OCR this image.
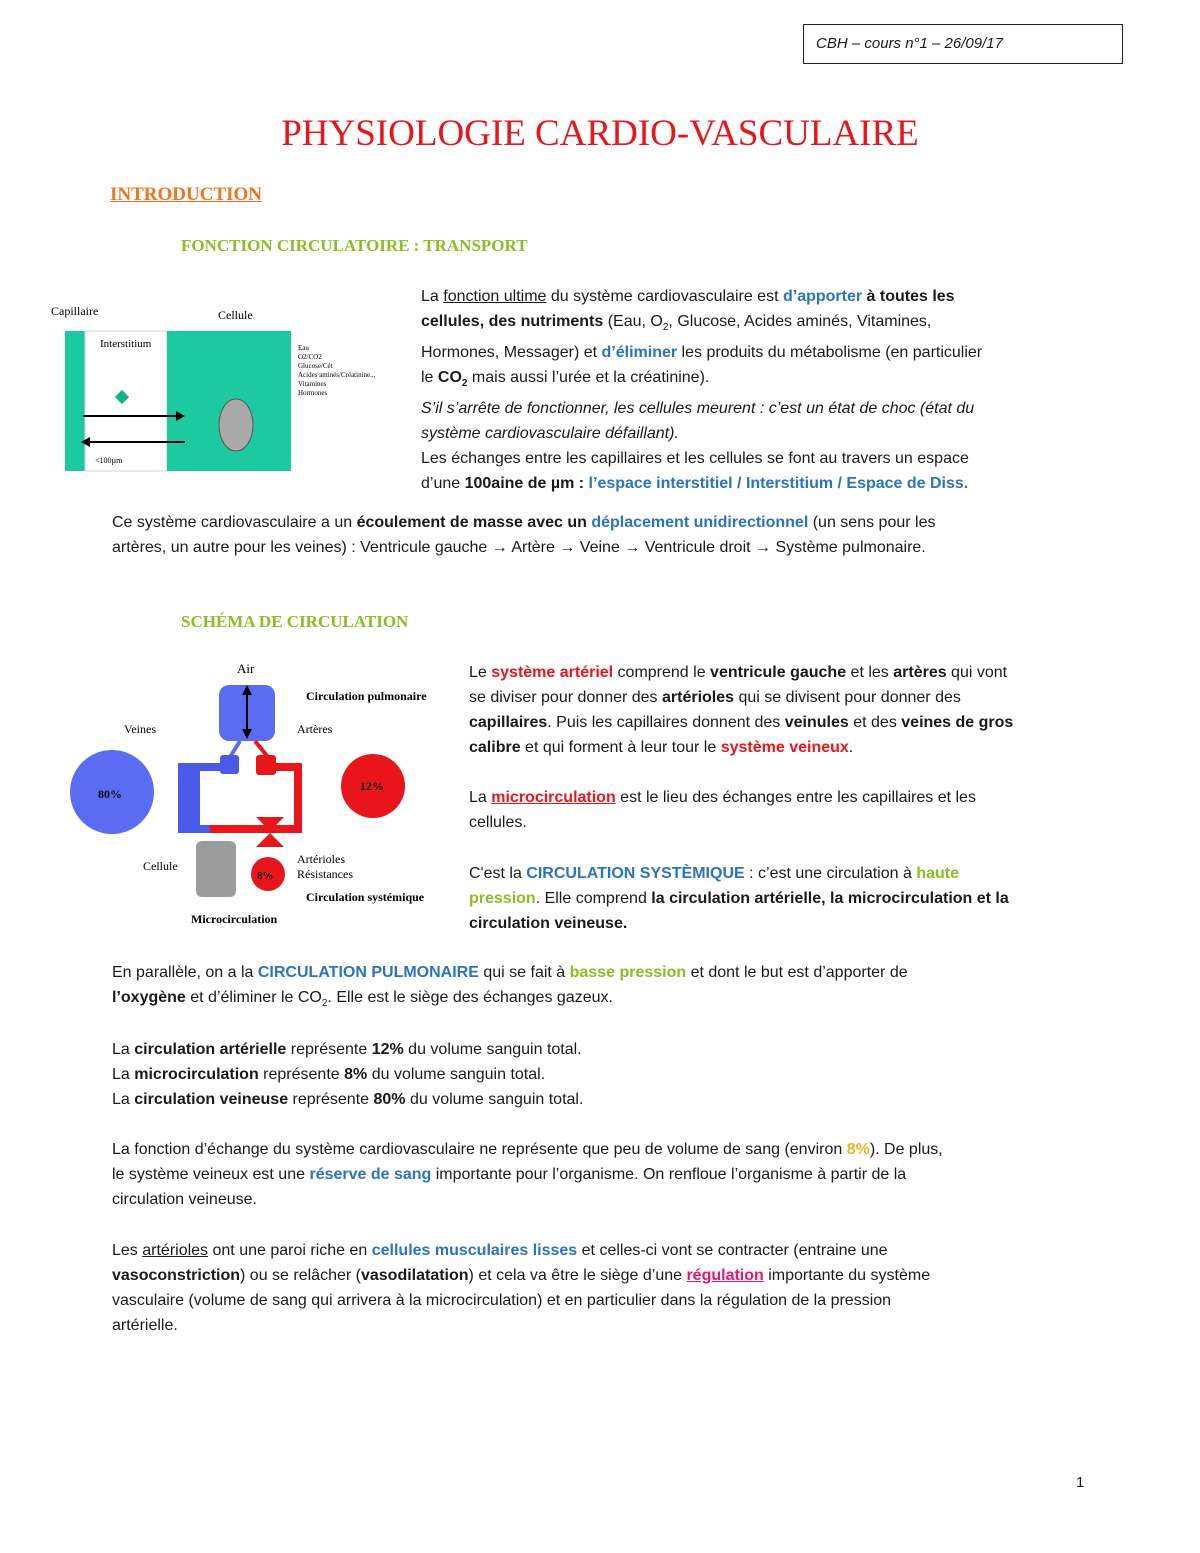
CBH – cours n°1 – 26/09/17
PHYSIOLOGIE CARDIO-VASCULAIRE
INTRODUCTION
FONCTION CIRCULATOIRE : TRANSPORT
Capillaire	Cellule
Interstitium
<100µm
Eau
O2/CO2
Glucose/Cét
Acides aminés/Créatinine...
Vitamines
Hormones

La fonction ultime du système cardiovasculaire est d’apporter à toutes les

cellules, des nutriments (Eau, $O_2$, Glucose, Acides aminés, Vitamines,

Hormones, Messager) et d’éliminer les produits du métabolisme (en particulier

le $CO_2$ mais aussi l’urée et la créatinine).

S’il s’arrête de fonctionner, les cellules meurent : c’est un état de choc (état du

système cardiovasculaire défaillant).

Les échanges entre les capillaires et les cellules se font au travers un espace

d’une 100aine de µm : l’espace interstitiel / Interstitium / Espace de Diss.

Ce système cardiovasculaire a un écoulement de masse avec un déplacement unidirectionnel (un sens pour les

artères, un autre pour les veines) : Ventricule gauche → Artère → Veine → Ventricule droit → Système pulmonaire.

SCHÉMA DE CIRCULATION
Air
Circulation pulmonaire
Veines	Artères
80%
12%
8%
Cellule	Artérioles
Résistances
Circulation systémique
Microcirculation

Le système artériel comprend le ventricule gauche et les artères qui vont

se diviser pour donner des artérioles qui se divisent pour donner des

capillaires. Puis les capillaires donnent des veinules et des veines de gros

calibre et qui forment à leur tour le système veineux.

La microcirculation est le lieu des échanges entre les capillaires et les

cellules.

C'est la CIRCULATION SYSTÈMIQUE : c’est une circulation à haute

pression. Elle comprend la circulation artérielle, la microcirculation et la

circulation veineuse.

En parallèle, on a la CIRCULATION PULMONAIRE qui se fait à basse pression et dont le but est d’apporter de

l’oxygène et d’éliminer le $CO_2$. Elle est le siège des échanges gazeux.

La circulation artérielle représente 12% du volume sanguin total.

La microcirculation représente 8% du volume sanguin total.

La circulation veineuse représente 80% du volume sanguin total.

La fonction d’échange du système cardiovasculaire ne représente que peu de volume de sang (environ 8%). De plus,

le système veineux est une réserve de sang importante pour l’organisme. On renfloue l’organisme à partir de la

circulation veineuse.

Les artérioles ont une paroi riche en cellules musculaires lisses et celles-ci vont se contracter (entraine une

vasoconstriction) ou se relâcher (vasodilatation) et cela va être le siège d’une régulation importante du système

vasculaire (volume de sang qui arrivera à la microcirculation) et en particulier dans la régulation de la pression

artérielle.

1
